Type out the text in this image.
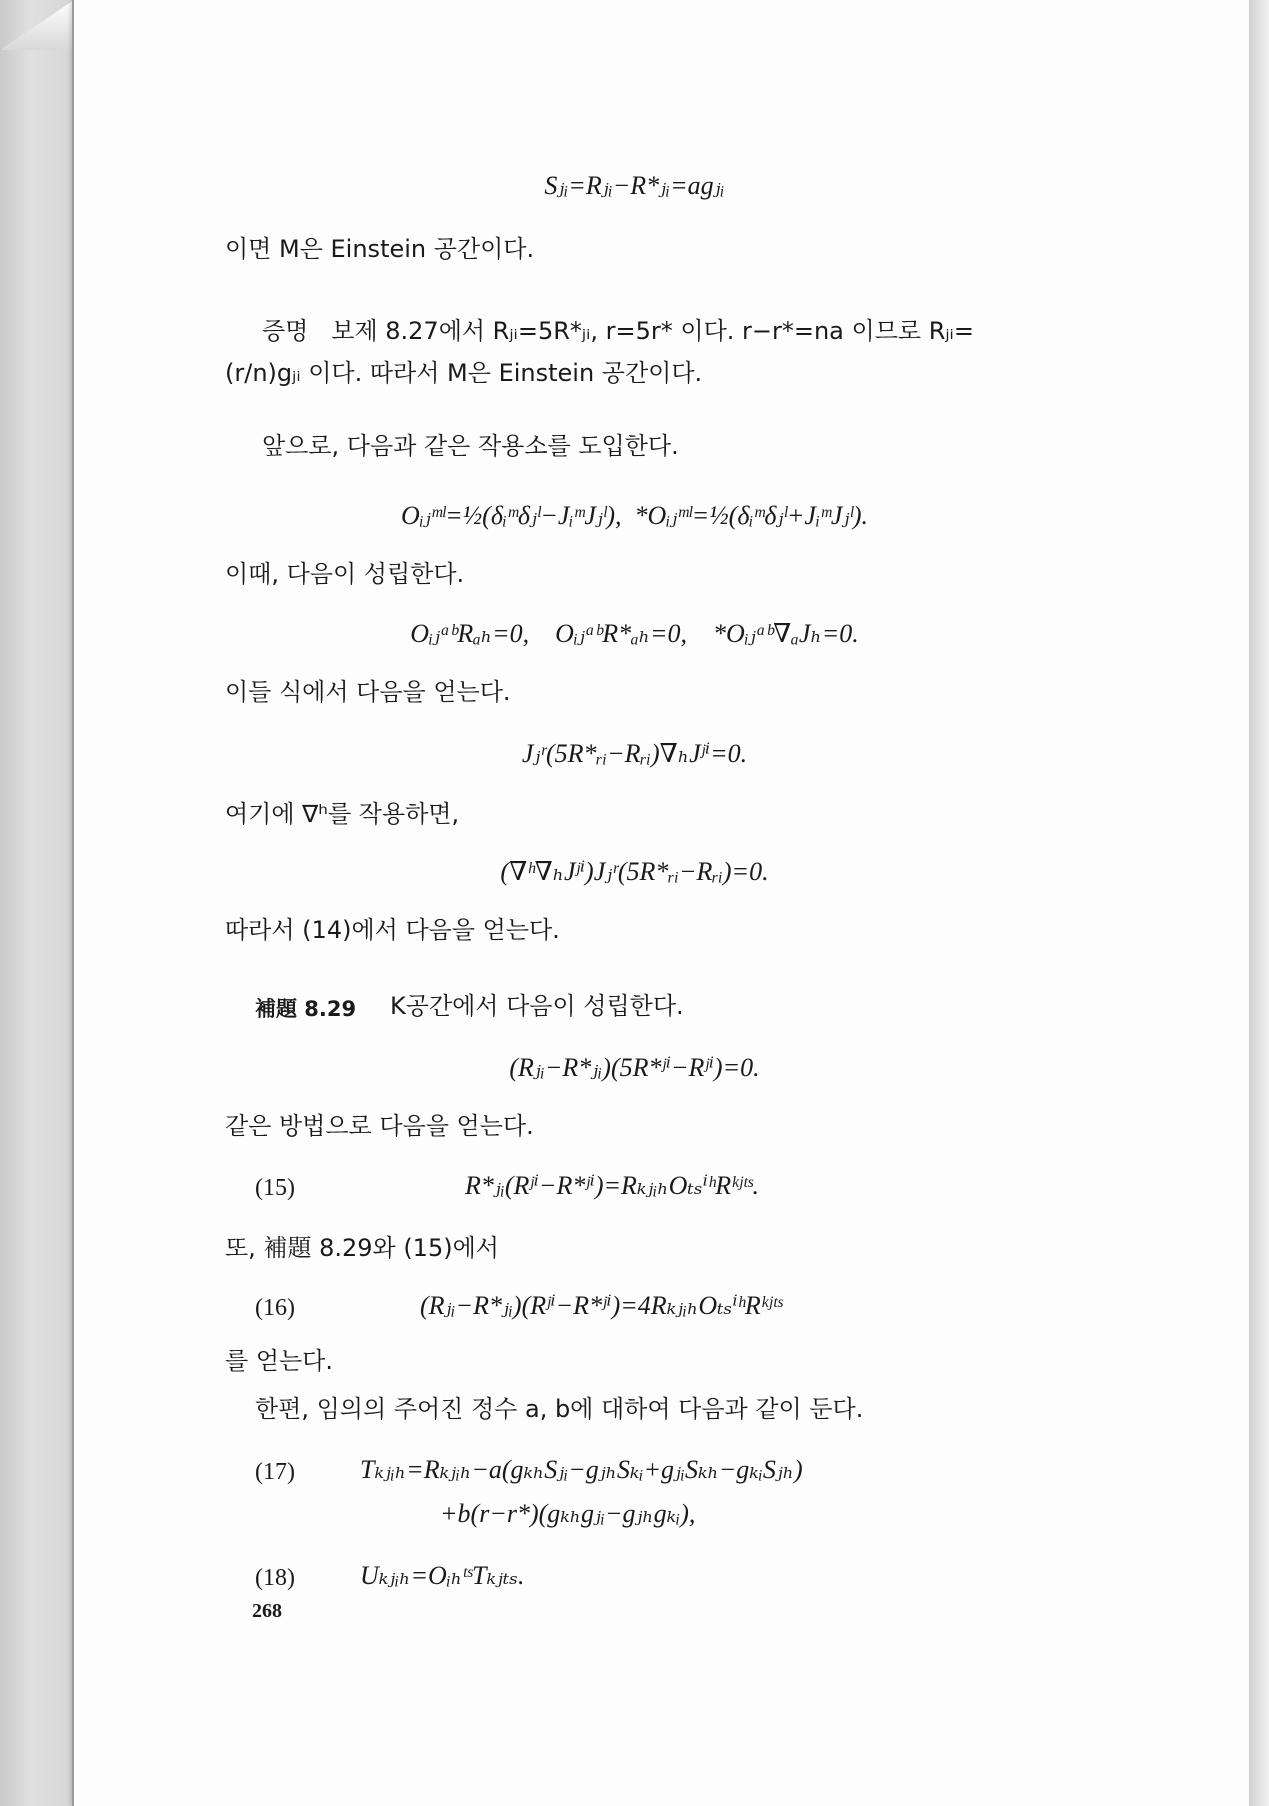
Sⱼᵢ=Rⱼᵢ−R*ⱼᵢ=agⱼᵢ
이면 M은 Einstein 공간이다.
증명   보제 8.27에서 Rⱼᵢ=5R*ⱼᵢ, r=5r* 이다. r−r*=na 이므로 Rⱼᵢ=
(r/n)gⱼᵢ 이다. 따라서 M은 Einstein 공간이다.
앞으로, 다음과 같은 작용소를 도입한다.
Oᵢⱼᵐˡ=½(δᵢᵐδⱼˡ−JᵢᵐJⱼˡ),  *Oᵢⱼᵐˡ=½(δᵢᵐδⱼˡ+JᵢᵐJⱼˡ).
이때, 다음이 성립한다.
OᵢⱼᵃᵇRₐₕ=0,    OᵢⱼᵃᵇR*ₐₕ=0,    *Oᵢⱼᵃᵇ∇ₐJₕ=0.
이들 식에서 다음을 얻는다.
Jⱼʳ(5R*ᵣᵢ−Rᵣᵢ)∇ₕJʲⁱ=0.
여기에 ∇ʰ를 작용하면,
(∇ʰ∇ₕJʲⁱ)Jⱼʳ(5R*ᵣᵢ−Rᵣᵢ)=0.
따라서 (14)에서 다음을 얻는다.
補題 8.29 K공간에서 다음이 성립한다.
(Rⱼᵢ−R*ⱼᵢ)(5R*ʲⁱ−Rʲⁱ)=0.
같은 방법으로 다음을 얻는다.
(15)	R*ⱼᵢ(Rʲⁱ−R*ʲⁱ)=RₖⱼᵢₕOₜₛⁱʰRᵏʲᵗˢ.
또, 補題 8.29와 (15)에서
(16)	(Rⱼᵢ−R*ⱼᵢ)(Rʲⁱ−R*ʲⁱ)=4RₖⱼᵢₕOₜₛⁱʰRᵏʲᵗˢ
를 얻는다.
한편, 임의의 주어진 정수 a, b에 대하여 다음과 같이 둔다.
(17)	Tₖⱼᵢₕ=Rₖⱼᵢₕ−a(gₖₕSⱼᵢ−gⱼₕSₖᵢ+gⱼᵢSₖₕ−gₖᵢSⱼₕ)
+b(r−r*)(gₖₕgⱼᵢ−gⱼₕgₖᵢ),
(18)	Uₖⱼᵢₕ=OᵢₕᵗˢTₖⱼₜₛ.
268
